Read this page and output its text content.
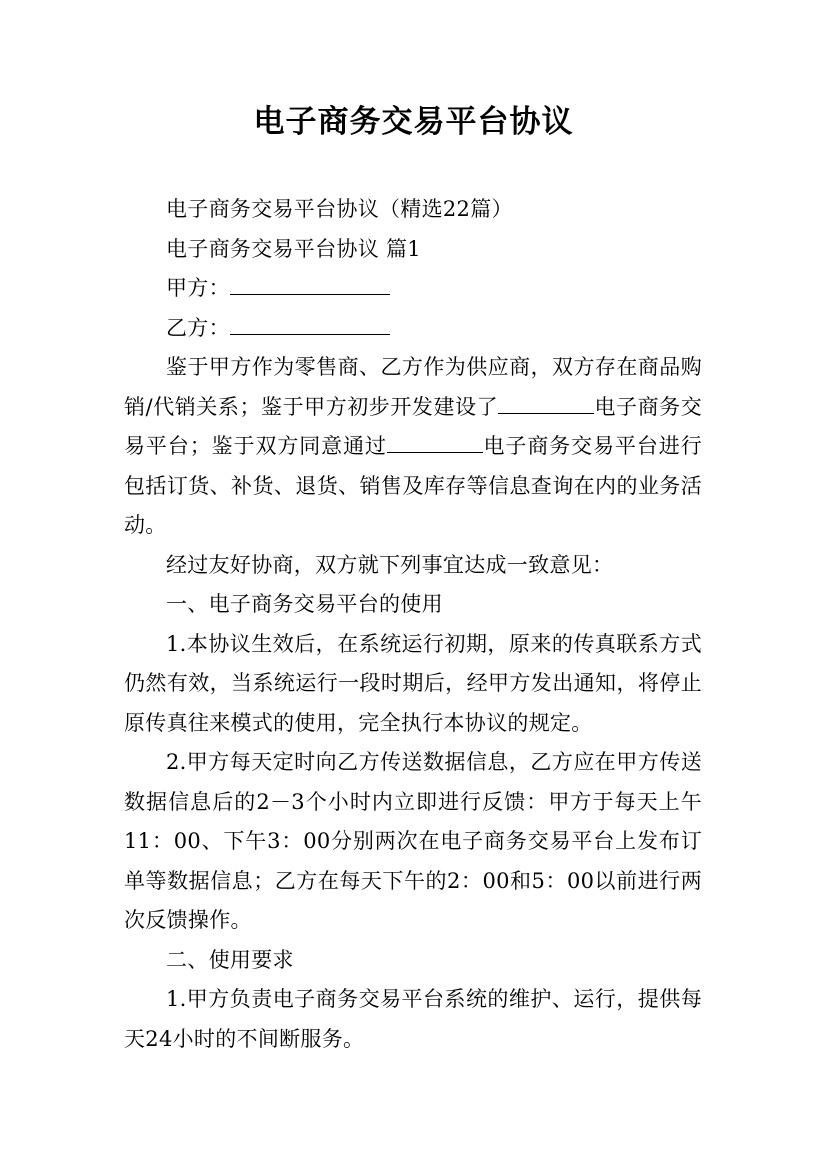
电子商务交易平台协议

电子商务交易平台协议（精选22篇）

电子商务交易平台协议 篇1

甲方：

乙方：

鉴于甲方作为零售商、乙方作为供应商，双方存在商品购销/代销关系；鉴于甲方初步开发建设了	电子商务交易平台；鉴于双方同意通过	电子商务交易平台进行包括订货、补货、退货、销售及库存等信息查询在内的业务活动。

经过友好协商，双方就下列事宜达成一致意见：

一、电子商务交易平台的使用

1.本协议生效后，在系统运行初期，原来的传真联系方式仍然有效，当系统运行一段时期后，经甲方发出通知，将停止原传真往来模式的使用，完全执行本协议的规定。

2.甲方每天定时向乙方传送数据信息，乙方应在甲方传送数据信息后的2－3个小时内立即进行反馈：甲方于每天上午11：00、下午3：00分别两次在电子商务交易平台上发布订单等数据信息；乙方在每天下午的2：00和5：00以前进行两次反馈操作。

二、使用要求

1.甲方负责电子商务交易平台系统的维护、运行，提供每天24小时的不间断服务。
